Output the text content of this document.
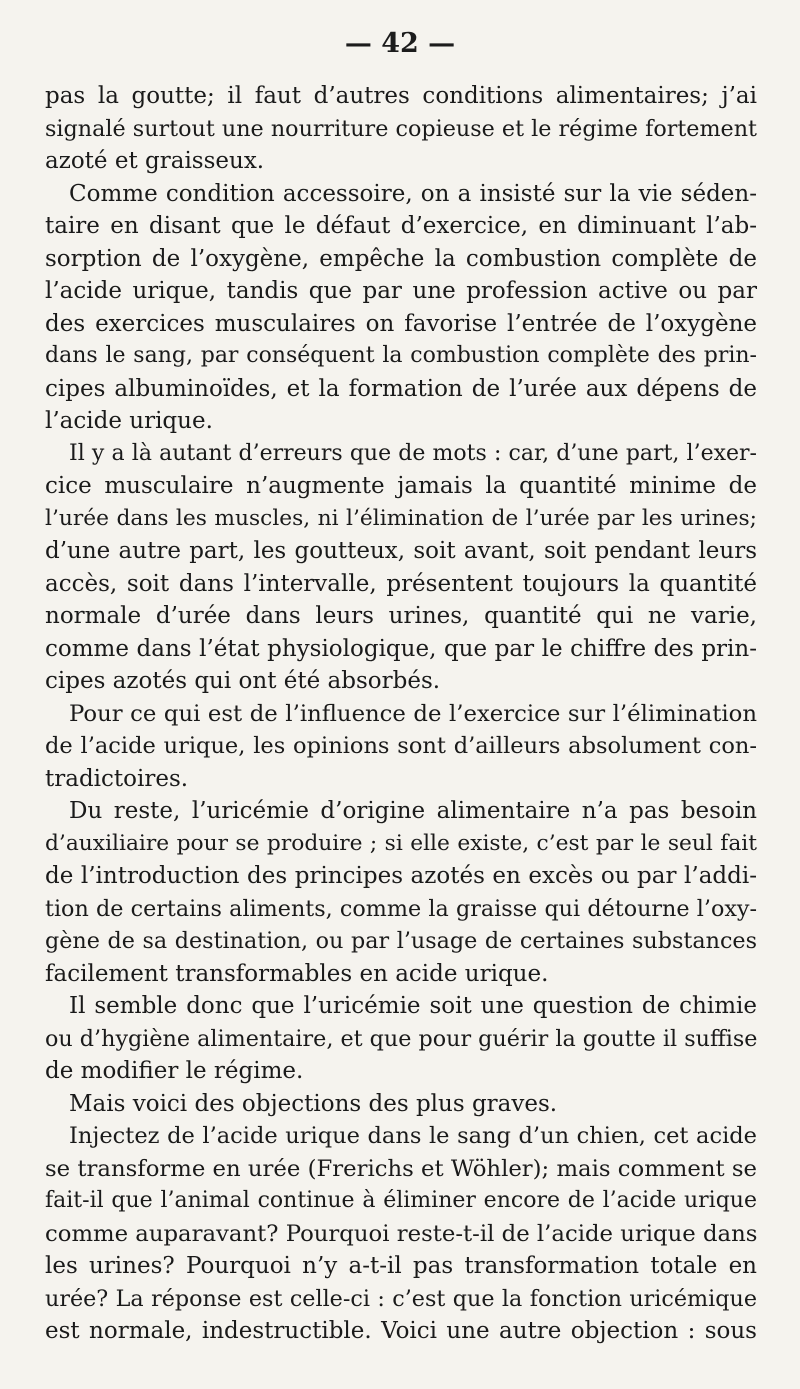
— 42 —
pas la goutte; il faut d’autres conditions alimentaires; j’ai
signalé surtout une nourriture copieuse et le régime fortement
azoté et graisseux.
Comme condition accessoire, on a insisté sur la vie séden-
taire en disant que le défaut d’exercice, en diminuant l’ab-
sorption de l’oxygène, empêche la combustion complète de
l’acide urique, tandis que par une profession active ou par
des exercices musculaires on favorise l’entrée de l’oxygène
dans le sang, par conséquent la combustion complète des prin-
cipes albuminoïdes, et la formation de l’urée aux dépens de
l’acide urique.
Il y a là autant d’erreurs que de mots : car, d’une part, l’exer-
cice musculaire n’augmente jamais la quantité minime de
l’urée dans les muscles, ni l’élimination de l’urée par les urines;
d’une autre part, les goutteux, soit avant, soit pendant leurs
accès, soit dans l’intervalle, présentent toujours la quantité
normale d’urée dans leurs urines, quantité qui ne varie,
comme dans l’état physiologique, que par le chiffre des prin-
cipes azotés qui ont été absorbés.
Pour ce qui est de l’influence de l’exercice sur l’élimination
de l’acide urique, les opinions sont d’ailleurs absolument con-
tradictoires.
Du reste, l’uricémie d’origine alimentaire n’a pas besoin
d’auxiliaire pour se produire ; si elle existe, c’est par le seul fait
de l’introduction des principes azotés en excès ou par l’addi-
tion de certains aliments, comme la graisse qui détourne l’oxy-
gène de sa destination, ou par l’usage de certaines substances
facilement transformables en acide urique.
Il semble donc que l’uricémie soit une question de chimie
ou d’hygiène alimentaire, et que pour guérir la goutte il suffise
de modifier le régime.
Mais voici des objections des plus graves.
Injectez de l’acide urique dans le sang d’un chien, cet acide
se transforme en urée (Frerichs et Wöhler); mais comment se
fait-il que l’animal continue à éliminer encore de l’acide urique
comme auparavant? Pourquoi reste-t-il de l’acide urique dans
les urines? Pourquoi n’y a-t-il pas transformation totale en
urée? La réponse est celle-ci : c’est que la fonction uricémique
est normale, indestructible. Voici une autre objection : sous
